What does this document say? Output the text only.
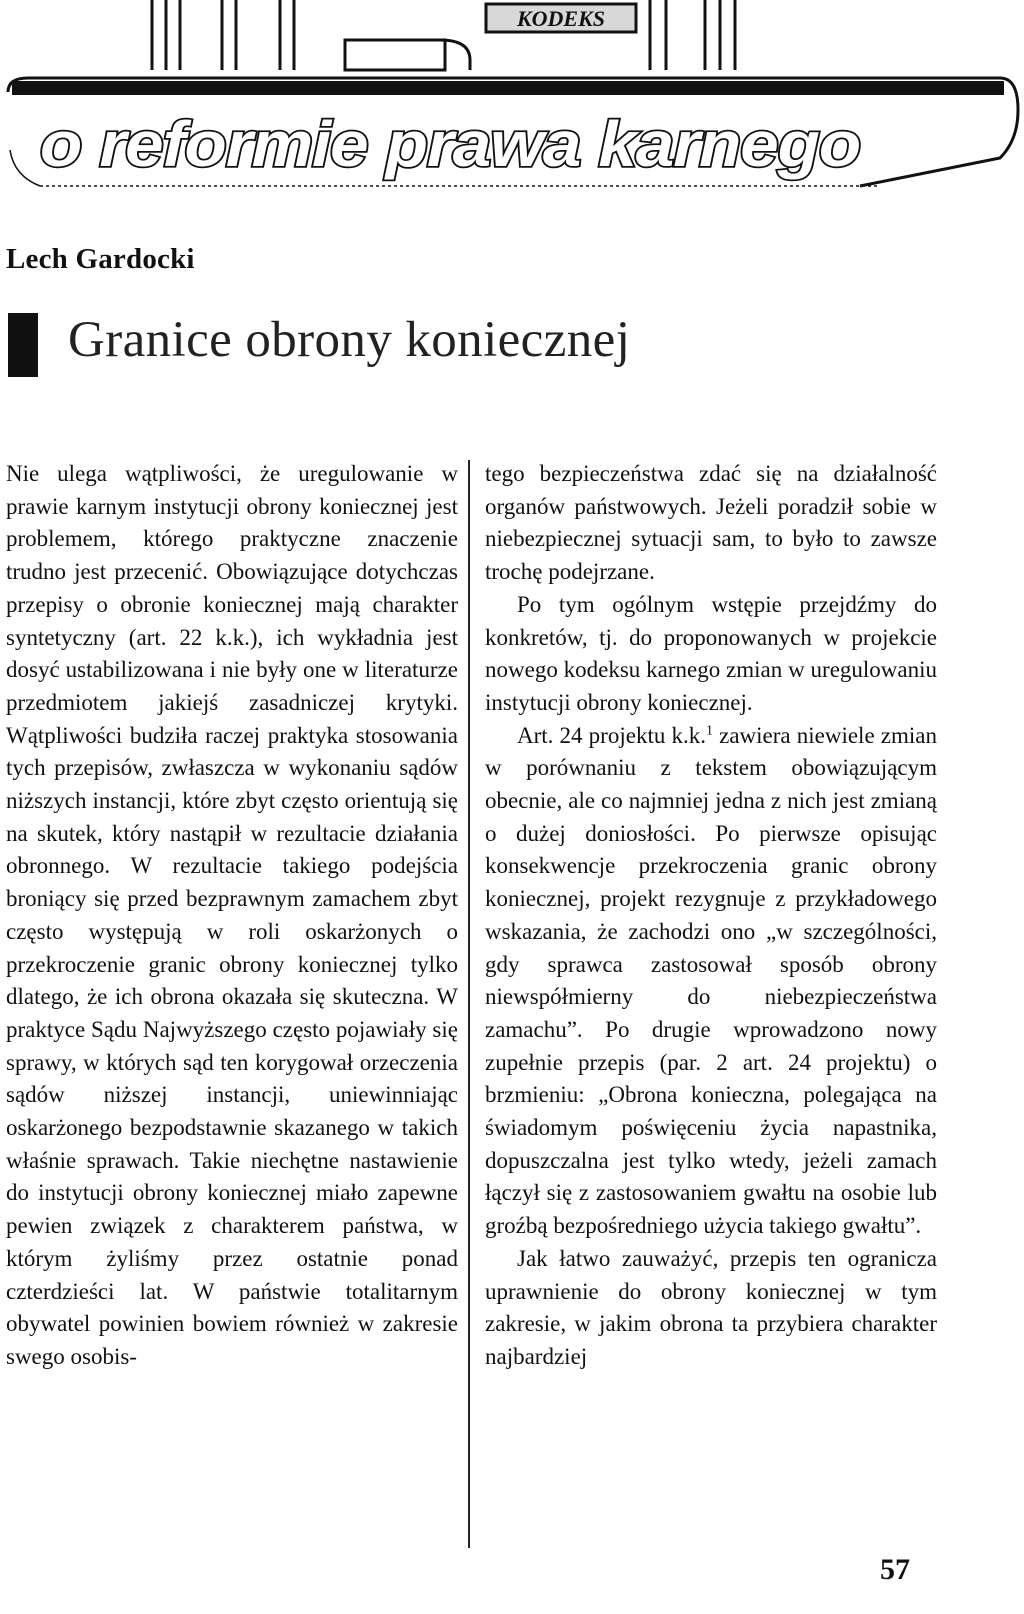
KODEKS
o reformie prawa karnego
Lech Gardocki
Granice obrony koniecznej

Nie ulega wątpliwości, że uregulowanie w prawie karnym instytucji obrony koniecznej jest problemem, którego praktyczne znaczenie trudno jest przecenić. Obowiązujące dotychczas przepisy o obronie koniecznej mają charakter syntetyczny (art. 22 k.k.), ich wykładnia jest dosyć ustabilizowana i nie były one w literaturze przedmiotem jakiejś zasadniczej krytyki. Wątpliwości budziła raczej praktyka stosowania tych przepisów, zwłaszcza w wykonaniu sądów niższych instancji, które zbyt często orientują się na skutek, który nastąpił w rezultacie działania obronnego. W rezultacie takiego podejścia broniący się przed bezprawnym zamachem zbyt często występują w roli oskarżonych o przekroczenie granic obrony koniecznej tylko dlatego, że ich obrona okazała się skuteczna. W praktyce Sądu Najwyższego często pojawiały się sprawy, w których sąd ten korygował orzeczenia sądów niższej instancji, uniewinniając oskarżonego bezpodstawnie skazanego w takich właśnie sprawach. Takie niechętne nastawienie do instytucji obrony koniecznej miało zapewne pewien związek z charakterem państwa, w którym żyliśmy przez ostatnie ponad czterdzieści lat. W państwie totalitarnym obywatel powinien bowiem również w zakresie swego osobis-

tego bezpieczeństwa zdać się na działalność organów państwowych. Jeżeli poradził sobie w niebezpiecznej sytuacji sam, to było to zawsze trochę podejrzane.

Po tym ogólnym wstępie przejdźmy do konkretów, tj. do proponowanych w projekcie nowego kodeksu karnego zmian w uregulowaniu instytucji obrony koniecznej.

Art. 24 projektu k.k.$^1$ zawiera niewiele zmian w porównaniu z tekstem obowiązującym obecnie, ale co najmniej jedna z nich jest zmianą o dużej doniosłości. Po pierwsze opisując konsekwencje przekroczenia granic obrony koniecznej, projekt rezygnuje z przykładowego wskazania, że zachodzi ono „w szczególności, gdy sprawca zastosował sposób obrony niewspółmierny do niebezpieczeństwa zamachu”. Po drugie wprowadzono nowy zupełnie przepis (par. 2 art. 24 projektu) o brzmieniu: „Obrona konieczna, polegająca na świadomym poświęceniu życia napastnika, dopuszczalna jest tylko wtedy, jeżeli zamach łączył się z zastosowaniem gwałtu na osobie lub groźbą bezpośredniego użycia takiego gwałtu”.

Jak łatwo zauważyć, przepis ten ogranicza uprawnienie do obrony koniecznej w tym zakresie, w jakim obrona ta przybiera charakter najbardziej

57
